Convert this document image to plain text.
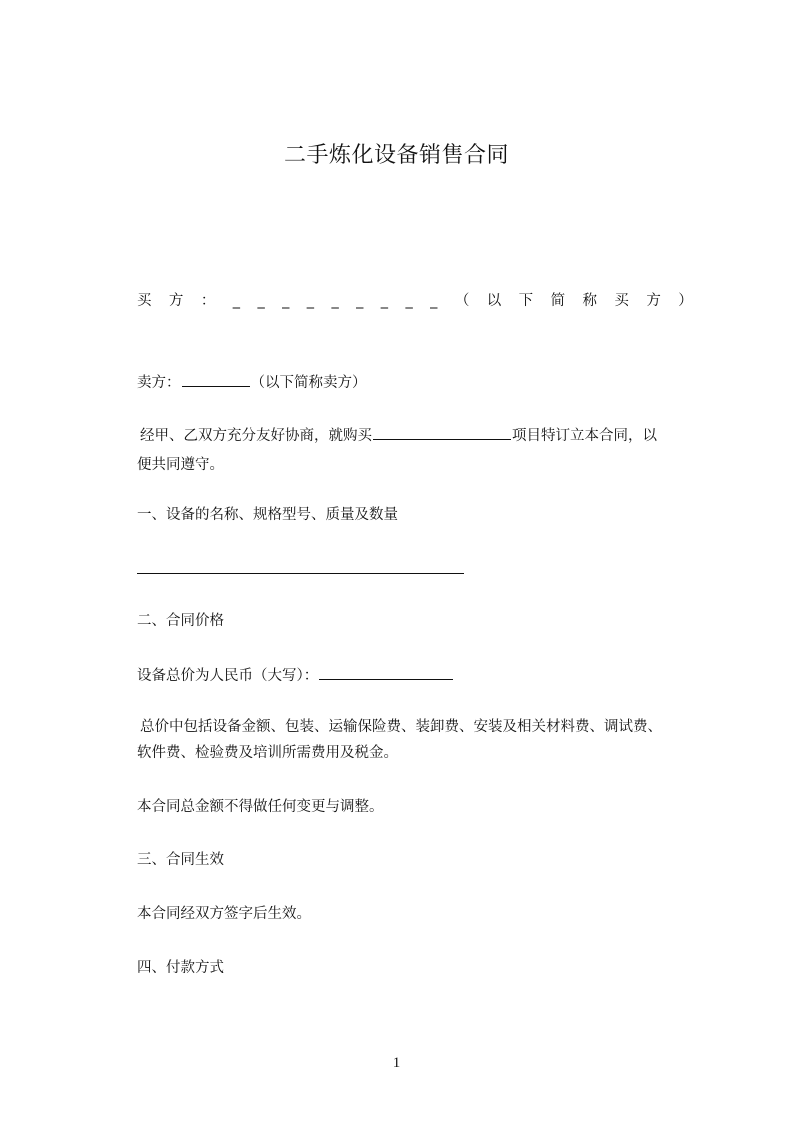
二手炼化设备销售合同
买 方 ： _ _ _ _ _ _ _ _ _ （ 以 下 简 称 买 方 ）
卖方：	（以下简称卖方）
经甲、乙双方充分友好协商，就购买	项目特订立本合同，以
便共同遵守。
一、设备的名称、规格型号、质量及数量
二、合同价格
设备总价为人民币（大写）：
总价中包括设备金额、包装、运输保险费、装卸费、安装及相关材料费、调试费、
软件费、检验费及培训所需费用及税金。
本合同总金额不得做任何变更与调整。
三、合同生效
本合同经双方签字后生效。
四、付款方式
1
